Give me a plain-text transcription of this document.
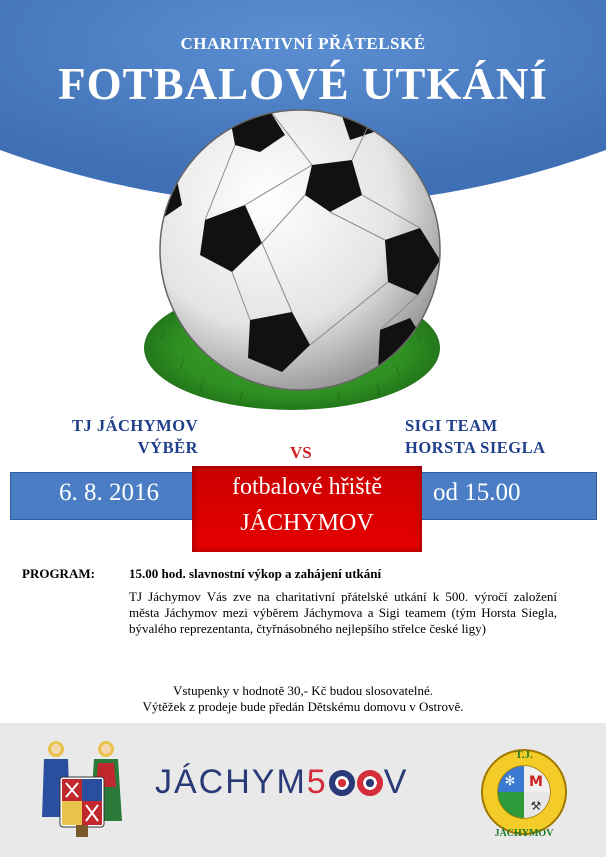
CHARITATIVNÍ PŘÁTELSKÉ
FOTBALOVÉ UTKÁNÍ
TJ JÁCHYMOV
VÝBĚR	VS
SIGI TEAM
HORSTA SIEGLA
6. 8. 2016	od 15.00
fotbalové hřiště
JÁCHYMOV
PROGRAM:	15.00 hod. slavnostní výkop a zahájení utkání
TJ Jáchymov Vás zve na charitativní přátelské utkání k 500. výročí založení města Jáchymov mezi výběrem Jáchymova a Sigi teamem (tým Horsta Siegla, bývalého reprezentanta, čtyřnásobného nejlepšího střelce české ligy)
Vstupenky v hodnotě 30,- Kč budou slosovatelné.
Výtěžek z prodeje bude předán Dětskému domovu v Ostrově.
JÁCHYM5 V	✻ M
⚒
T.J.
JÁCHYMOV
